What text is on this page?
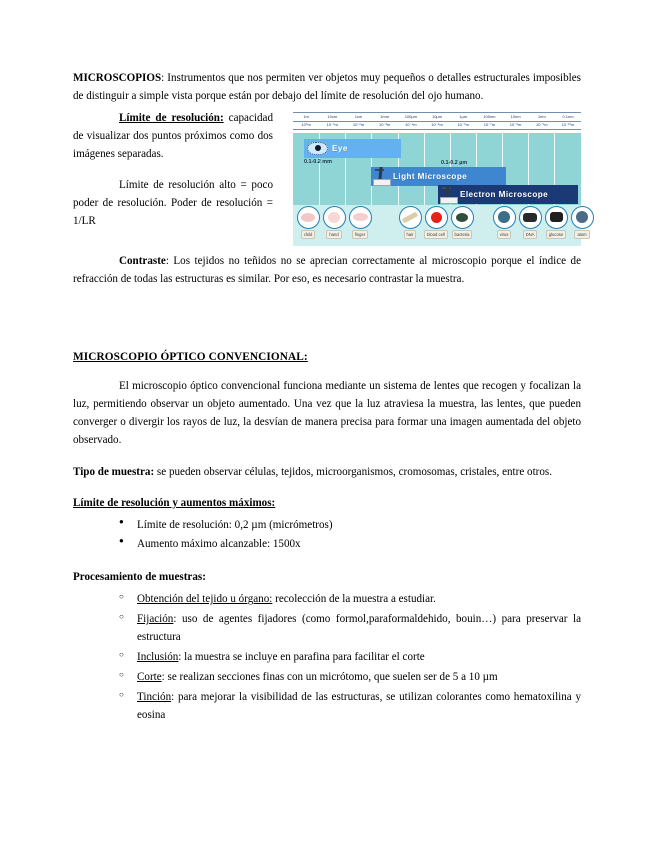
MICROSCOPIOS: Instrumentos que nos permiten ver objetos muy pequeños o detalles estructurales imposibles de distinguir a simple vista porque están por debajo del límite de resolución del ojo humano.

1m	10cm	1cm	1mm	100µm	10µm	1µm	100nm	10nm	1nm	0.1nm
10⁰m	10⁻¹m	10⁻²m	10⁻³m	10⁻⁴m	10⁻⁵m	10⁻⁶m	10⁻⁷m	10⁻⁸m	10⁻⁹m	10⁻¹⁰m
Eye
0.1-0.2 mm	0.1-0.2 µm
Light Microscope
Electron Microscope
child	hand	finger	hair	blood cell	bacteria	virus	DNA	glucose	atom

Límite de resolución: capacidad de visualizar dos puntos próximos como dos imágenes separadas.

Límite de resolución alto = poco poder de resolución. Poder de resolución = 1/LR

Contraste: Los tejidos no teñidos no se aprecian correctamente al microscopio porque el índice de refracción de todas las estructuras es similar. Por eso, es necesario contrastar la muestra.

MICROSCOPIO ÓPTICO CONVENCIONAL:

El microscopio óptico convencional funciona mediante un sistema de lentes que recogen y focalizan la luz, permitiendo observar un objeto aumentado. Una vez que la luz atraviesa la muestra, las lentes, que pueden converger o divergir los rayos de luz, la desvían de manera precisa para formar una imagen aumentada del objeto observado.

Tipo de muestra: se pueden observar células, tejidos, microorganismos, cromosomas, cristales, entre otros.

Límite de resolución y aumentos máximos:

● Límite de resolución: 0,2 µm (micrómetros)
● Aumento máximo alcanzable: 1500x

Procesamiento de muestras:

○ Obtención del tejido u órgano: recolección de la muestra a estudiar.
○ Fijación: uso de agentes fijadores (como formol,paraformaldehido, bouin…) para preservar la estructura
○ Inclusión: la muestra se incluye en parafina para facilitar el corte
○ Corte: se realizan secciones finas con un micrótomo, que suelen ser de 5 a 10 µm
○ Tinción: para mejorar la visibilidad de las estructuras, se utilizan colorantes como hematoxilina y eosina
